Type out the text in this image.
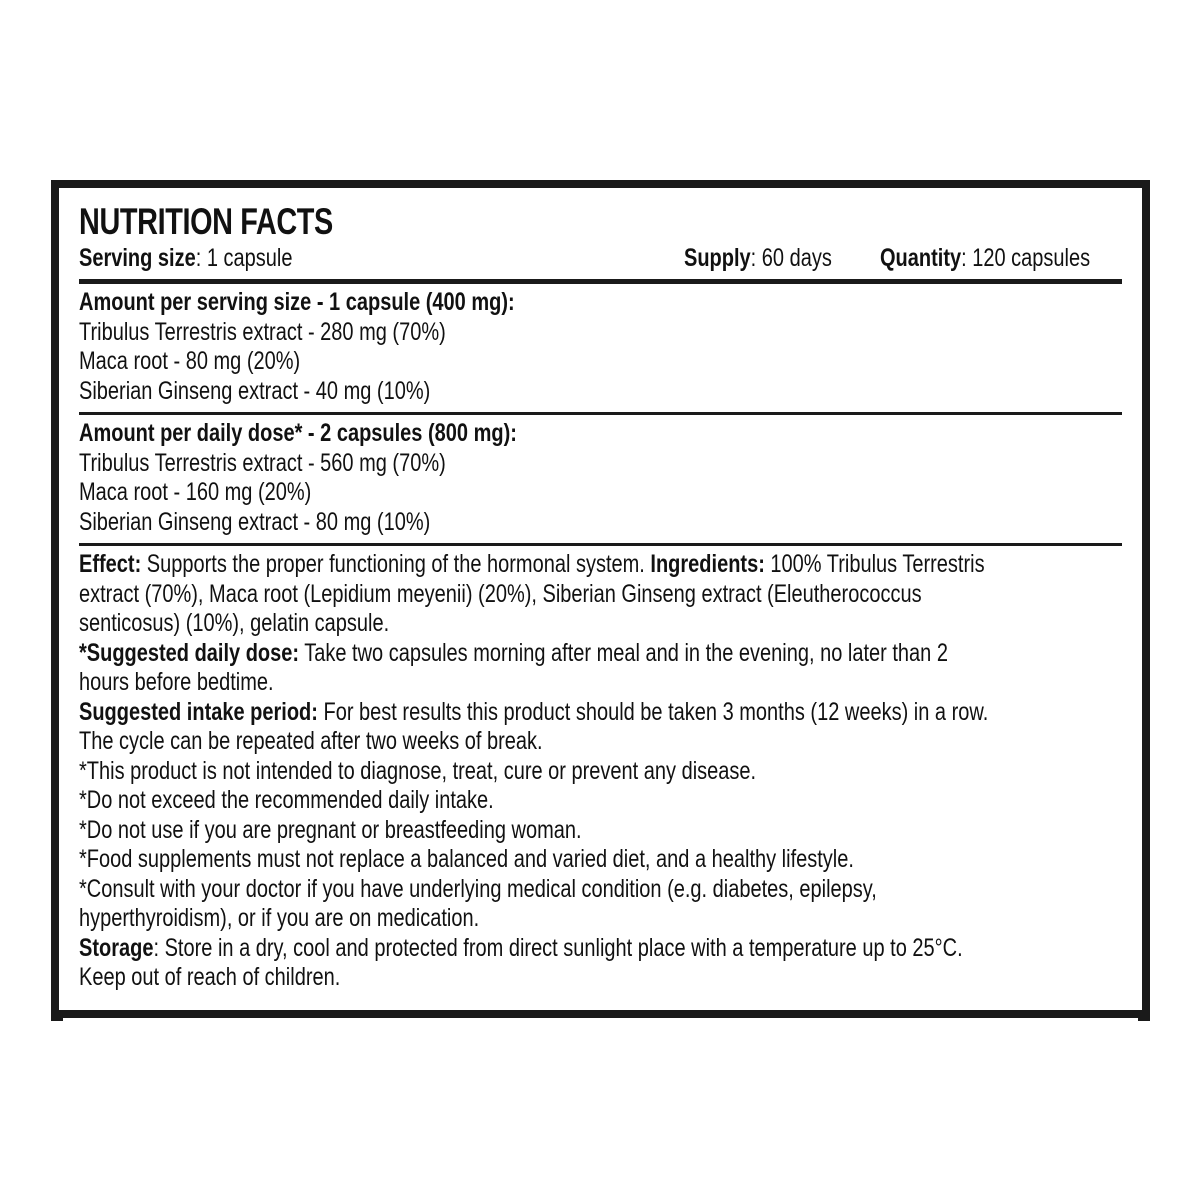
NUTRITION FACTS
Serving size: 1 capsule	Supply: 60 days	Quantity: 120 capsules
Amount per serving size - 1 capsule (400 mg):
Tribulus Terrestris extract - 280 mg (70%)
Maca root - 80 mg (20%)
Siberian Ginseng extract - 40 mg (10%)
Amount per daily dose* - 2 capsules (800 mg):
Tribulus Terrestris extract - 560 mg (70%)
Maca root - 160 mg (20%)
Siberian Ginseng extract - 80 mg (10%)
Effect: Supports the proper functioning of the hormonal system. Ingredients: 100% Tribulus Terrestris
extract (70%), Maca root (Lepidium meyenii) (20%), Siberian Ginseng extract (Eleutherococcus
senticosus) (10%), gelatin capsule.
*Suggested daily dose: Take two capsules morning after meal and in the evening, no later than 2
hours before bedtime.
Suggested intake period: For best results this product should be taken 3 months (12 weeks) in a row.
The cycle can be repeated after two weeks of break.
*This product is not intended to diagnose, treat, cure or prevent any disease.
*Do not exceed the recommended daily intake.
*Do not use if you are pregnant or breastfeeding woman.
*Food supplements must not replace a balanced and varied diet, and a healthy lifestyle.
*Consult with your doctor if you have underlying medical condition (e.g. diabetes, epilepsy,
hyperthyroidism), or if you are on medication.
Storage: Store in a dry, cool and protected from direct sunlight place with a temperature up to 25°C.
Keep out of reach of children.
